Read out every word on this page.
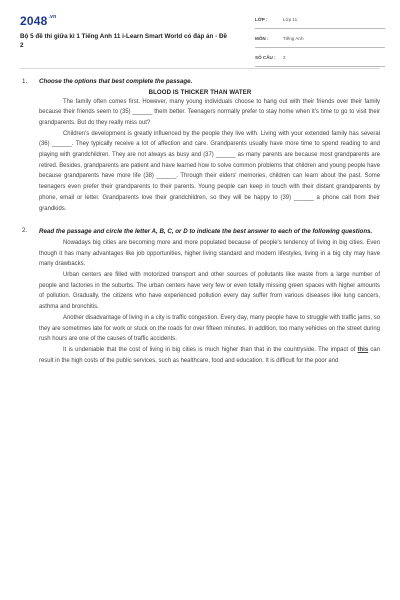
$2048^{.vn}$
Bộ 5 đề thi giữa kì 1 Tiếng Anh 11 i-Learn Smart World có đáp án - Đề 2
LỚP :	Lớp 11
MÔN :	Tiếng Anh
SỐ CÂU : 2
1. Choose the options that best complete the passage.
BLOOD IS THICKER THAN WATER

The family often comes first. However, many young individuals choose to hang out with their friends over their family because their friends seem to (35) ______ them better. Teenagers normally prefer to stay home when it's time to go to visit their grandparents. But do they really miss out?

Children's development is greatly influenced by the people they live with. Living with your extended family has several (36) ______. They typically receive a lot of affection and care. Grandparents usually have more time to spend reading to and playing with grandchildren. They are not always as busy and (37) ______ as many parents are because most grandparents are retired. Besides, grandparents are patient and have learned how to solve common problems that children and young people have because grandparents have more life (38) ______. Through their elders' memories, children can learn about the past. Some teenagers even prefer their grandparents to their parents. Young people can keep in touch with their distant grandparents by phone, email or letter. Grandparents love their grandchildren, so they will be happy to (39) ______ a phone call from their grandkids.

2. Read the passage and circle the letter A, B, C, or D to indicate the best answer to each of the following questions.

Nowadays big cities are becoming more and more populated because of people's tendency of living in big cities. Even though it has many advantages like job opportunities, higher living standard and modern lifestyles, living in a big city may have many drawbacks.

Urban centers are filled with motorized transport and other sources of pollutants like waste from a large number of people and factories in the suburbs. The urban centers have very few or even totally missing green spaces with higher amounts of pollution. Gradually, the citizens who have experienced pollution every day suffer from various diseases like lung cancers, asthma and bronchitis.

Another disadvantage of living in a city is traffic congestion. Every day, many people have to struggle with traffic jams, so they are sometimes late for work or stuck on the roads for over fifteen minutes. In addition, too many vehicles on the street during rush hours are one of the causes of traffic accidents.

It is undeniable that the cost of living in big cities is much higher than that in the countryside. The impact of this can result in the high costs of the public services, such as healthcare, food and education. It is difficult for the poor and
